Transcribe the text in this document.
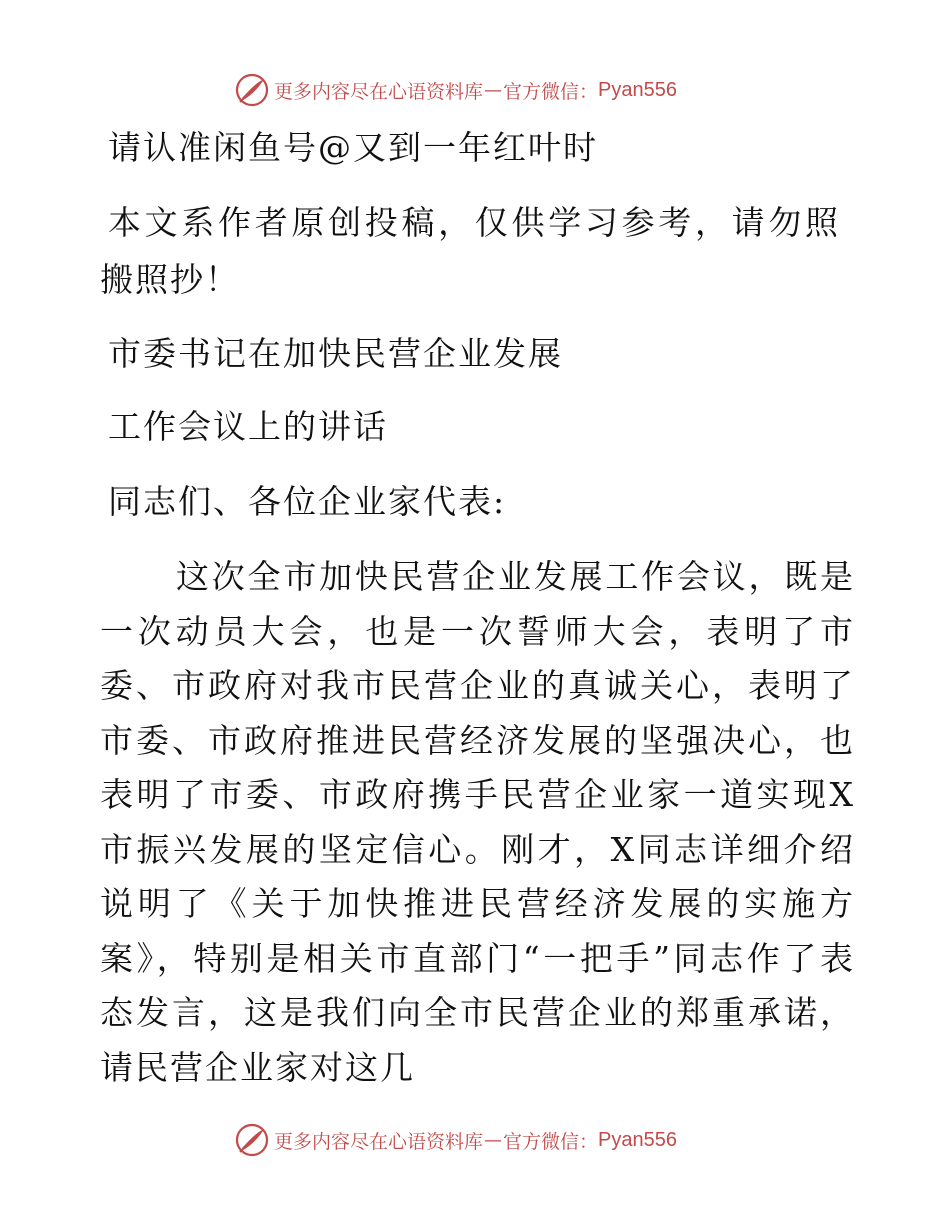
更多内容尽在心语资料库 — 官方微信： Pyan556
请认准闲鱼号@又到一年红叶时
本文系作者原创投稿，仅供学习参考，请勿照搬照抄！
市委书记在加快民营企业发展
工作会议上的讲话
同志们、各位企业家代表:
这次全市加快民营企业发展工作会议，既是一次动员大会，也是一次誓师大会，表明了市委、市政府对我市民营企业的真诚关心，表明了市委、市政府推进民营经济发展的坚强决心，也表明了市委、市政府携手民营企业家一道实现X市振兴发展的坚定信心。刚才，X同志详细介绍说明了《关于加快推进民营经济发展的实施方案》，特别是相关市直部门“一把手”同志作了表态发言，这是我们向全市民营企业的郑重承诺，请民营企业家对这几
更多内容尽在心语资料库 — 官方微信： Pyan556
